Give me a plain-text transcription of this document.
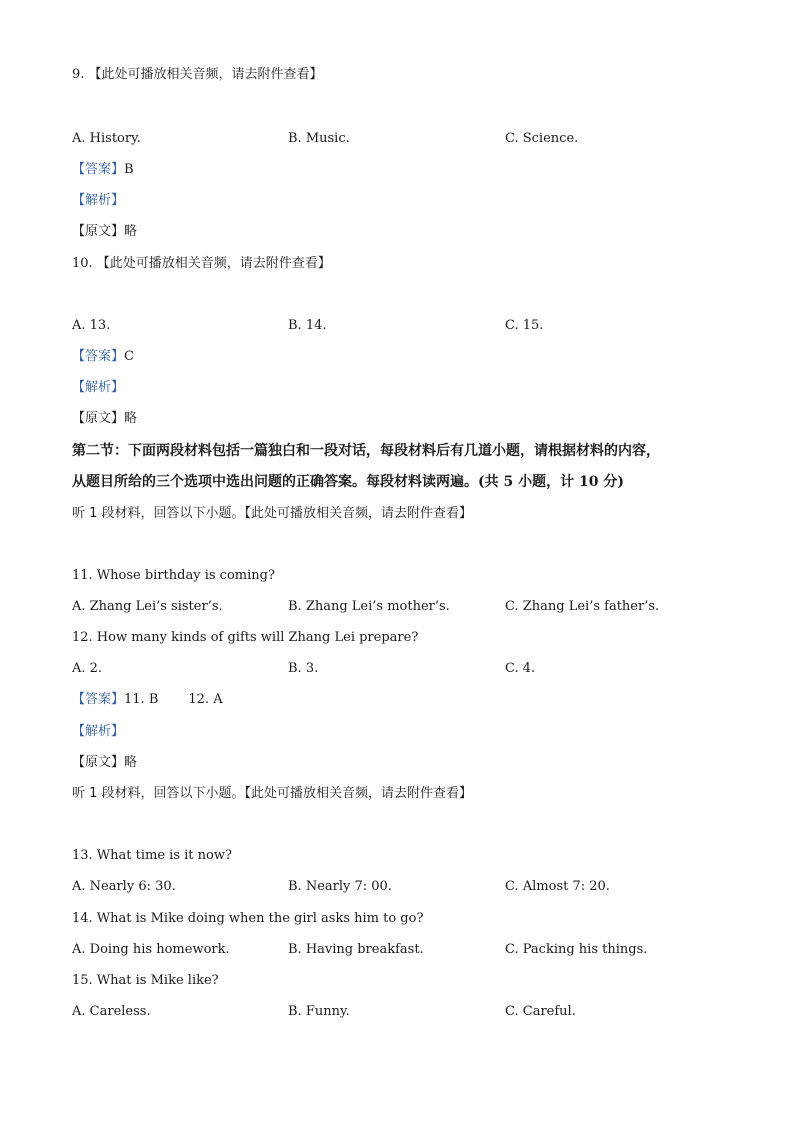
9. 【此处可播放相关音频，请去附件查看】
A. History.	B. Music.	C. Science.
【答案】B
【解析】
【原文】略
10. 【此处可播放相关音频，请去附件查看】
A. 13.	B. 14.	C. 15.
【答案】C
【解析】
【原文】略
第二节：下面两段材料包括一篇独白和一段对话，每段材料后有几道小题，请根据材料的内容，
从题目所给的三个选项中选出问题的正确答案。每段材料读两遍。(共 5 小题，计 10 分)
听 1 段材料，回答以下小题。【此处可播放相关音频，请去附件查看】
11. Whose birthday is coming?
A. Zhang Lei’s sister’s.	B. Zhang Lei’s mother’s.	C. Zhang Lei’s father’s.
12. How many kinds of gifts will Zhang Lei prepare?
A. 2.	B. 3.	C. 4.
【答案】11. B 12. A
【解析】
【原文】略
听 1 段材料，回答以下小题。【此处可播放相关音频，请去附件查看】
13. What time is it now?
A. Nearly 6: 30.	B. Nearly 7: 00.	C. Almost 7: 20.
14. What is Mike doing when the girl asks him to go?
A. Doing his homework.	B. Having breakfast.	C. Packing his things.
15. What is Mike like?
A. Careless.	B. Funny.	C. Careful.
